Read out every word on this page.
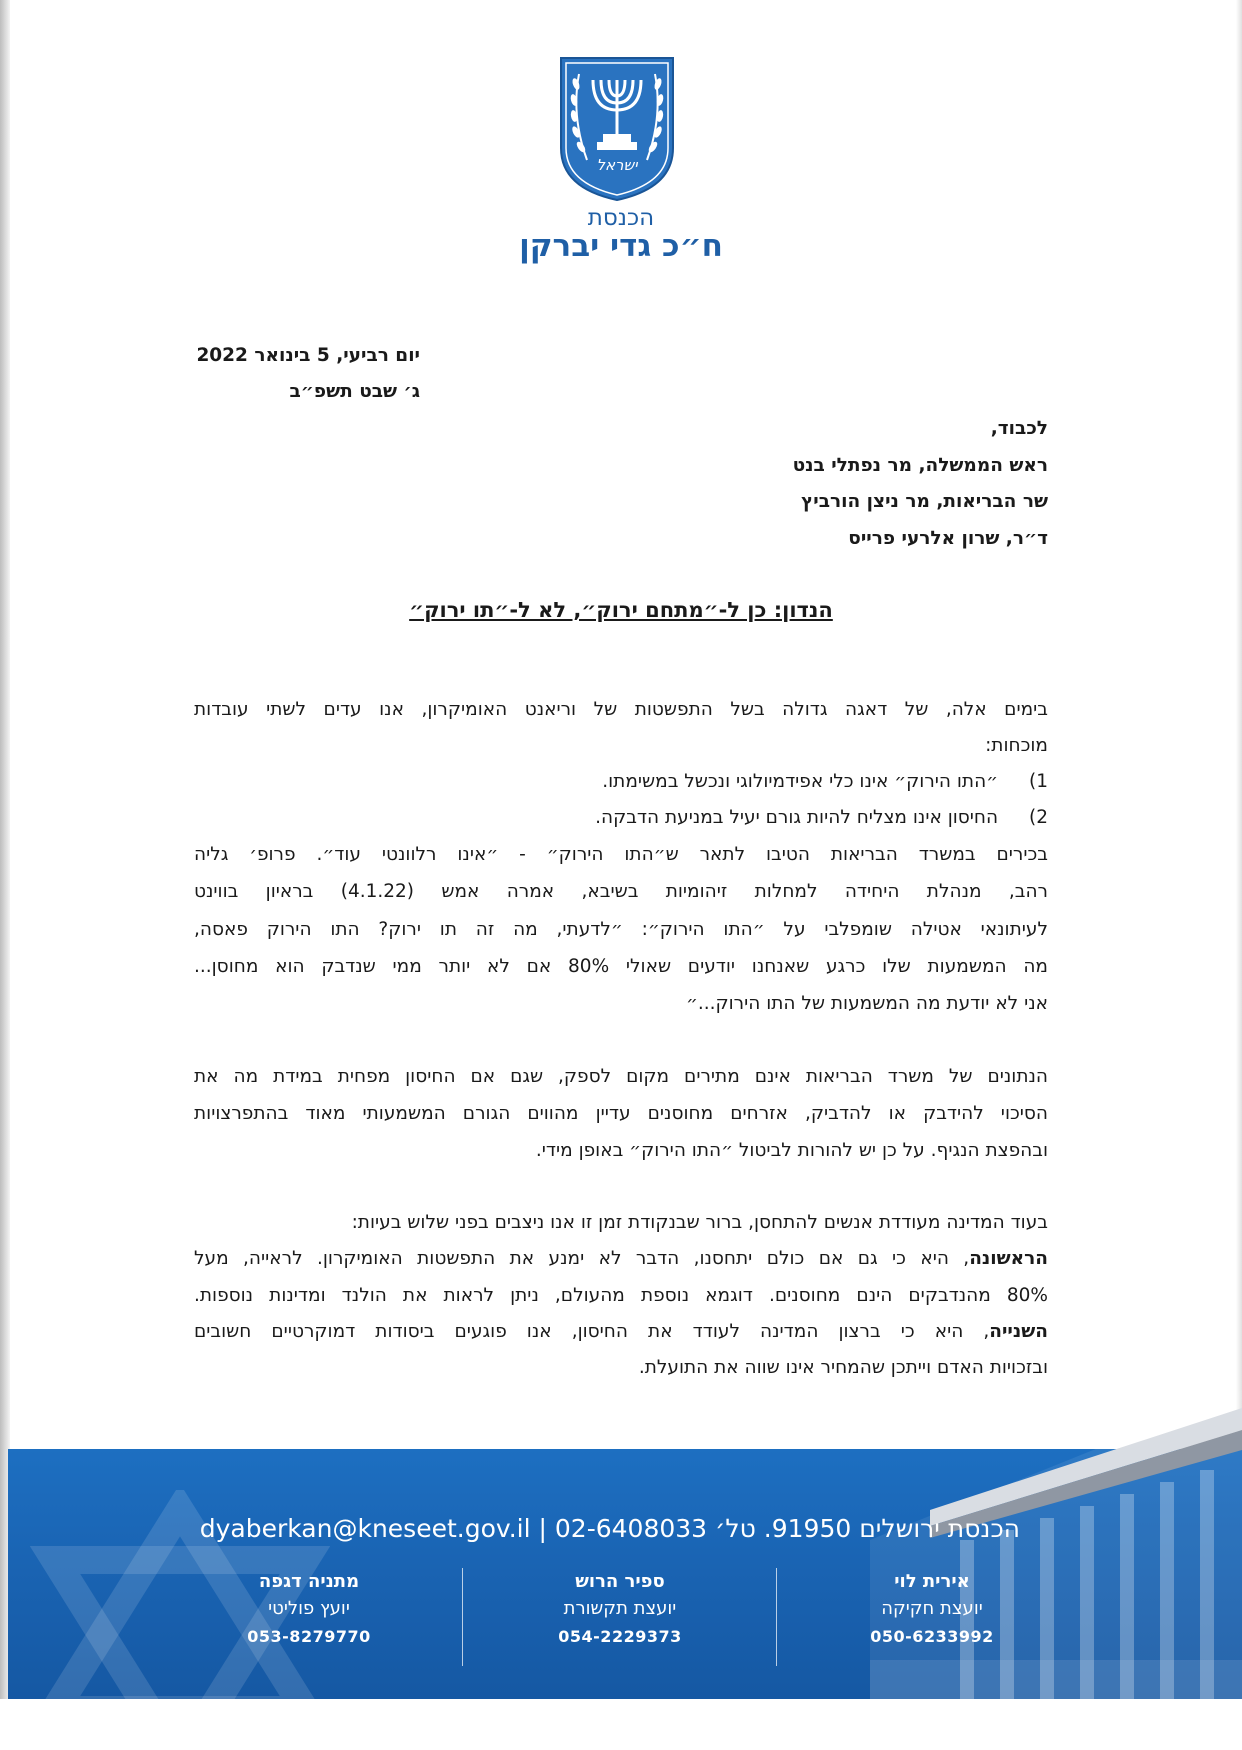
ישראל
הכנסת
ח״כ גדי יברקן
יום רביעי, 5 בינואר 2022
ג׳ שבט תשפ״ב
לכבוד,
ראש הממשלה, מר נפתלי בנט
שר הבריאות, מר ניצן הורביץ
ד״ר, שרון אלרעי פרייס
הנדון: כן ל-״מתחם ירוק״, לא ל-״תו ירוק״
בימים אלה, של דאגה גדולה בשל התפשטות של וריאנט האומיקרון, אנו עדים לשתי עובדות
מוכחות:
1) ״התו הירוק״ אינו כלי אפידמיולוגי ונכשל במשימתו.
2) החיסון אינו מצליח להיות גורם יעיל במניעת הדבקה.
בכירים במשרד הבריאות הטיבו לתאר ש״התו הירוק״ - ״אינו רלוונטי עוד״. פרופ׳ גליה
רהב, מנהלת היחידה למחלות זיהומיות בשיבא, אמרה אמש (4.1.22) בראיון בווינט
לעיתונאי אטילה שומפלבי על ״התו הירוק״: ״לדעתי, מה זה תו ירוק? התו הירוק פאסה,
מה המשמעות שלו כרגע שאנחנו יודעים שאולי 80% אם לא יותר ממי שנדבק הוא מחוסן...
אני לא יודעת מה המשמעות של התו הירוק...״
הנתונים של משרד הבריאות אינם מתירים מקום לספק, שגם אם החיסון מפחית במידת מה את
הסיכוי להידבק או להדביק, אזרחים מחוסנים עדיין מהווים הגורם המשמעותי מאוד בהתפרצויות
ובהפצת הנגיף. על כן יש להורות לביטול ״התו הירוק״ באופן מידי.
בעוד המדינה מעודדת אנשים להתחסן, ברור שבנקודת זמן זו אנו ניצבים בפני שלוש בעיות:
הראשונה, היא כי גם אם כולם יתחסנו, הדבר לא ימנע את התפשטות האומיקרון. לראייה, מעל
80% מהנדבקים הינם מחוסנים. דוגמא נוספת מהעולם, ניתן לראות את הולנד ומדינות נוספות.
השנייה, היא כי ברצון המדינה לעודד את החיסון, אנו פוגעים ביסודות דמוקרטיים חשובים
ובזכויות האדם וייתכן שהמחיר אינו שווה את התועלת.
הכנסת ירושלים 91950. טל׳ 02-6408033 | dyaberkan@kneseet.gov.il
אירית לוי
יועצת חקיקה
050-6233992
ספיר הרוש
יועצת תקשורת
054-2229373
מתניה דגפה
יועץ פוליטי
053-8279770
